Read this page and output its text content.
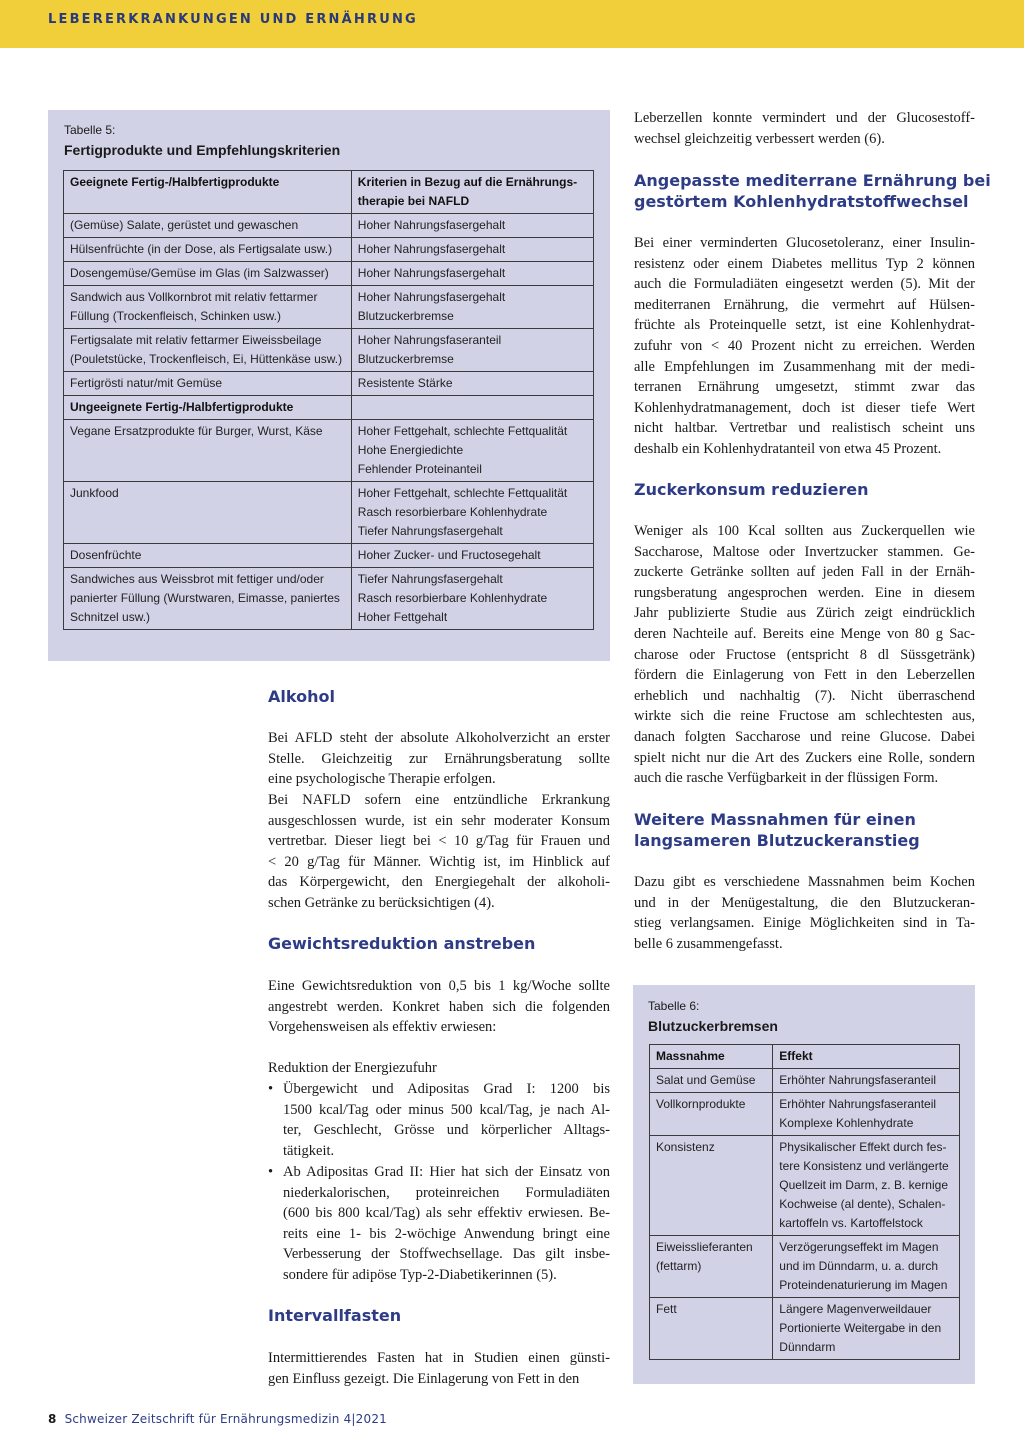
LEBERERKRANKUNGEN UND ERNÄHRUNG
Tabelle 5:
Fertigprodukte und Empfehlungskriterien
Geeignete Fertig-/Halbfertigprodukte	Kriterien in Bezug auf die Ernährungs-
therapie bei NAFLD

(Gemüse) Salate, gerüstet und gewaschen	Hoher Nahrungsfasergehalt

Hülsenfrüchte (in der Dose, als Fertigsalate usw.)	Hoher Nahrungsfasergehalt

Dosengemüse/Gemüse im Glas (im Salzwasser)	Hoher Nahrungsfasergehalt

Sandwich aus Vollkornbrot mit relativ fettarmer
Füllung (Trockenfleisch, Schinken usw.)	Hoher Nahrungsfasergehalt
Blutzuckerbremse

Fertigsalate mit relativ fettarmer Eiweissbeilage
(Pouletstücke, Trockenfleisch, Ei, Hüttenkäse usw.)	Hoher Nahrungsfaseranteil
Blutzuckerbremse

Fertigrösti natur/mit Gemüse	Resistente Stärke

Ungeeignete Fertig-/Halbfertigprodukte	

Vegane Ersatzprodukte für Burger, Wurst, Käse	Hoher Fettgehalt, schlechte Fettqualität
Hohe Energiedichte
Fehlender Proteinanteil

Junkfood	Hoher Fettgehalt, schlechte Fettqualität
Rasch resorbierbare Kohlenhydrate
Tiefer Nahrungsfasergehalt

Dosenfrüchte	Hoher Zucker- und Fructosegehalt

Sandwiches aus Weissbrot mit fettiger und/oder
panierter Füllung (Wurstwaren, Eimasse, paniertes
Schnitzel usw.)	Tiefer Nahrungsfasergehalt
Rasch resorbierbare Kohlenhydrate
Hoher Fettgehalt
Alkohol
Bei AFLD steht der absolute Alkoholverzicht an erster
Stelle. Gleichzeitig zur Ernährungsberatung sollte
eine psychologische Therapie erfolgen.
Bei NAFLD sofern eine entzündliche Erkrankung
ausgeschlossen wurde, ist ein sehr moderater Konsum
vertretbar. Dieser liegt bei < 10 g/Tag für Frauen und
< 20 g/Tag für Männer. Wichtig ist, im Hinblick auf
das Körpergewicht, den Energiegehalt der alkoholi-
schen Getränke zu berücksichtigen (4).
Gewichtsreduktion anstreben
Eine Gewichtsreduktion von 0,5 bis 1 kg/Woche sollte
angestrebt werden. Konkret haben sich die folgenden
Vorgehensweisen als effektiv erwiesen:
Reduktion der Energiezufuhr
• Übergewicht und Adipositas Grad I: 1200 bis
1500 kcal/Tag oder minus 500 kcal/Tag, je nach Al-
ter, Geschlecht, Grösse und körperlicher Alltags-
tätigkeit.
• Ab Adipositas Grad II: Hier hat sich der Einsatz von
niederkalorischen, proteinreichen Formuladiäten
(600 bis 800 kcal/Tag) als sehr effektiv erwiesen. Be-
reits eine 1- bis 2-wöchige Anwendung bringt eine
Verbesserung der Stoffwechsellage. Das gilt insbe-
sondere für adipöse Typ-2-Diabetikerinnen (5).
Intervallfasten
Intermittierendes Fasten hat in Studien einen günsti-
gen Einfluss gezeigt. Die Einlagerung von Fett in den
Leberzellen konnte vermindert und der Glucosestoff-
wechsel gleichzeitig verbessert werden (6).
Angepasste mediterrane Ernährung bei
gestörtem Kohlenhydratstoffwechsel
Bei einer verminderten Glucosetoleranz, einer Insulin-
resistenz oder einem Diabetes mellitus Typ 2 können
auch die Formuladiäten eingesetzt werden (5). Mit der
mediterranen Ernährung, die vermehrt auf Hülsen-
früchte als Proteinquelle setzt, ist eine Kohlenhydrat-
zufuhr von < 40 Prozent nicht zu erreichen. Werden
alle Empfehlungen im Zusammenhang mit der medi-
terranen Ernährung umgesetzt, stimmt zwar das
Kohlenhydratmanagement, doch ist dieser tiefe Wert
nicht haltbar. Vertretbar und realistisch scheint uns
deshalb ein Kohlenhydratanteil von etwa 45 Prozent.
Zuckerkonsum reduzieren
Weniger als 100 Kcal sollten aus Zuckerquellen wie
Saccharose, Maltose oder Invertzucker stammen. Ge-
zuckerte Getränke sollten auf jeden Fall in der Ernäh-
rungsberatung angesprochen werden. Eine in diesem
Jahr publizierte Studie aus Zürich zeigt eindrücklich
deren Nachteile auf. Bereits eine Menge von 80 g Sac-
charose oder Fructose (entspricht 8 dl Süssgetränk)
fördern die Einlagerung von Fett in den Leberzellen
erheblich und nachhaltig (7). Nicht überraschend
wirkte sich die reine Fructose am schlechtesten aus,
danach folgten Saccharose und reine Glucose. Dabei
spielt nicht nur die Art des Zuckers eine Rolle, sondern
auch die rasche Verfügbarkeit in der flüssigen Form.
Weitere Massnahmen für einen
langsameren Blutzuckeranstieg
Dazu gibt es verschiedene Massnahmen beim Kochen
und in der Menügestaltung, die den Blutzuckeran-
stieg verlangsamen. Einige Möglichkeiten sind in Ta-
belle 6 zusammengefasst.
Tabelle 6:
Blutzuckerbremsen
Massnahme	Effekt

Salat und Gemüse	Erhöhter Nahrungsfaseranteil

Vollkornprodukte	Erhöhter Nahrungsfaseranteil
Komplexe Kohlenhydrate

Konsistenz	Physikalischer Effekt durch fes-
tere Konsistenz und verlängerte
Quellzeit im Darm, z. B. kernige
Kochweise (al dente), Schalen-
kartoffeln vs. Kartoffelstock

Eiweisslieferanten
(fettarm)	Verzögerungseffekt im Magen
und im Dünndarm, u. a. durch
Proteindenaturierung im Magen

Fett	Längere Magenverweildauer
Portionierte Weitergabe in den
Dünndarm
8 Schweizer Zeitschrift für Ernährungsmedizin 4|2021
